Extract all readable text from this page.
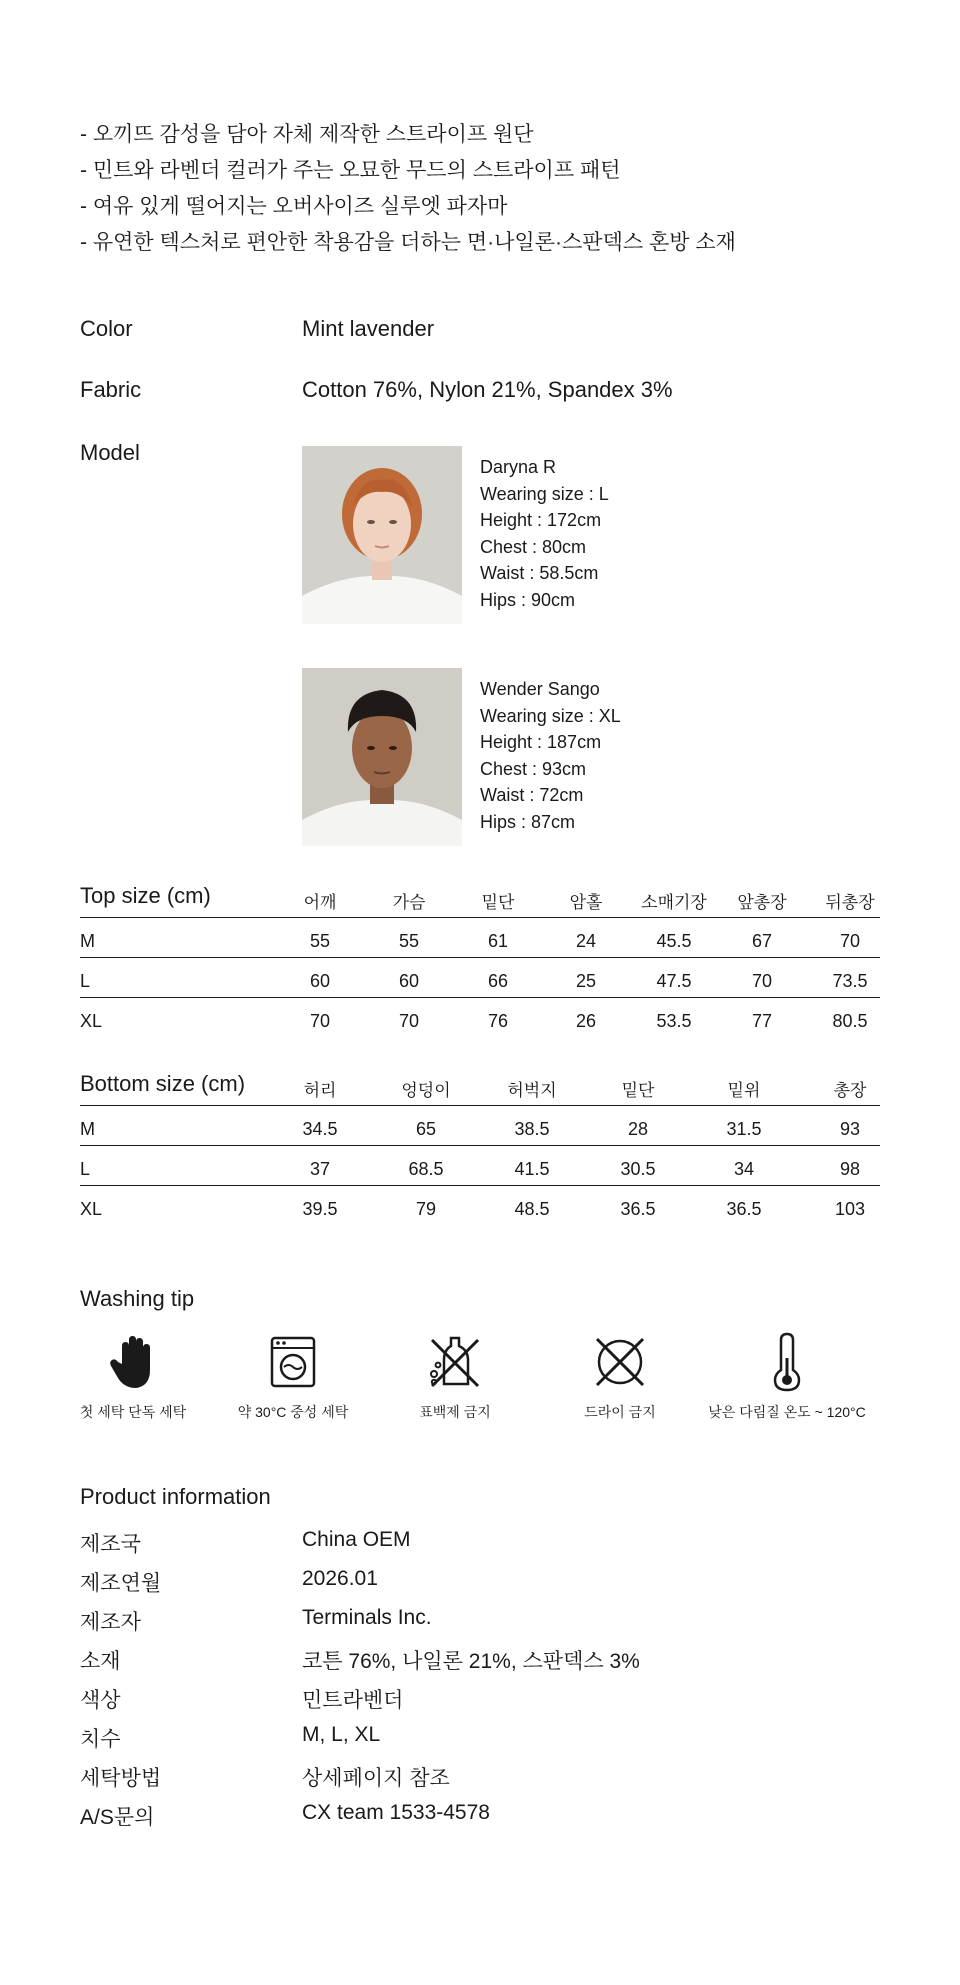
- 오끼뜨 감성을 담아 자체 제작한 스트라이프 원단
- 민트와 라벤더 컬러가 주는 오묘한 무드의 스트라이프 패턴
- 여유 있게 떨어지는 오버사이즈 실루엣 파자마
- 유연한 텍스처로 편안한 착용감을 더하는 면·나일론·스판덱스 혼방 소재
Color	Mint lavender
Fabric	Cotton 76%, Nylon 21%, Spandex 3%
Model
Daryna R
Wearing size : L
Height : 172cm
Chest : 80cm
Waist : 58.5cm
Hips : 90cm
Wender Sango
Wearing size : XL
Height : 187cm
Chest : 93cm
Waist : 72cm
Hips : 87cm
Top size (cm)	어깨	가슴	밑단	암홀	소매기장	앞총장	뒤총장
M	55	55	61	24	45.5	67	70
L	60	60	66	25	47.5	70	73.5
XL	70	70	76	26	53.5	77	80.5
Bottom size (cm)	허리	엉덩이	허벅지	밑단	밑위	총장
M	34.5	65	38.5	28	31.5	93
L	37	68.5	41.5	30.5	34	98
XL	39.5	79	48.5	36.5	36.5	103
Washing tip
첫 세탁 단독 세탁	약 30°C 중성 세탁	표백제 금지	드라이 금지	낮은 다림질 온도 ~ 120°C
Product information
제조국	China OEM
제조연월	2026.01
제조자	Terminals Inc.
소재	코튼 76%, 나일론 21%, 스판덱스 3%
색상	민트라벤더
치수	M, L, XL
세탁방법	상세페이지 참조
A/S문의	CX team 1533-4578
